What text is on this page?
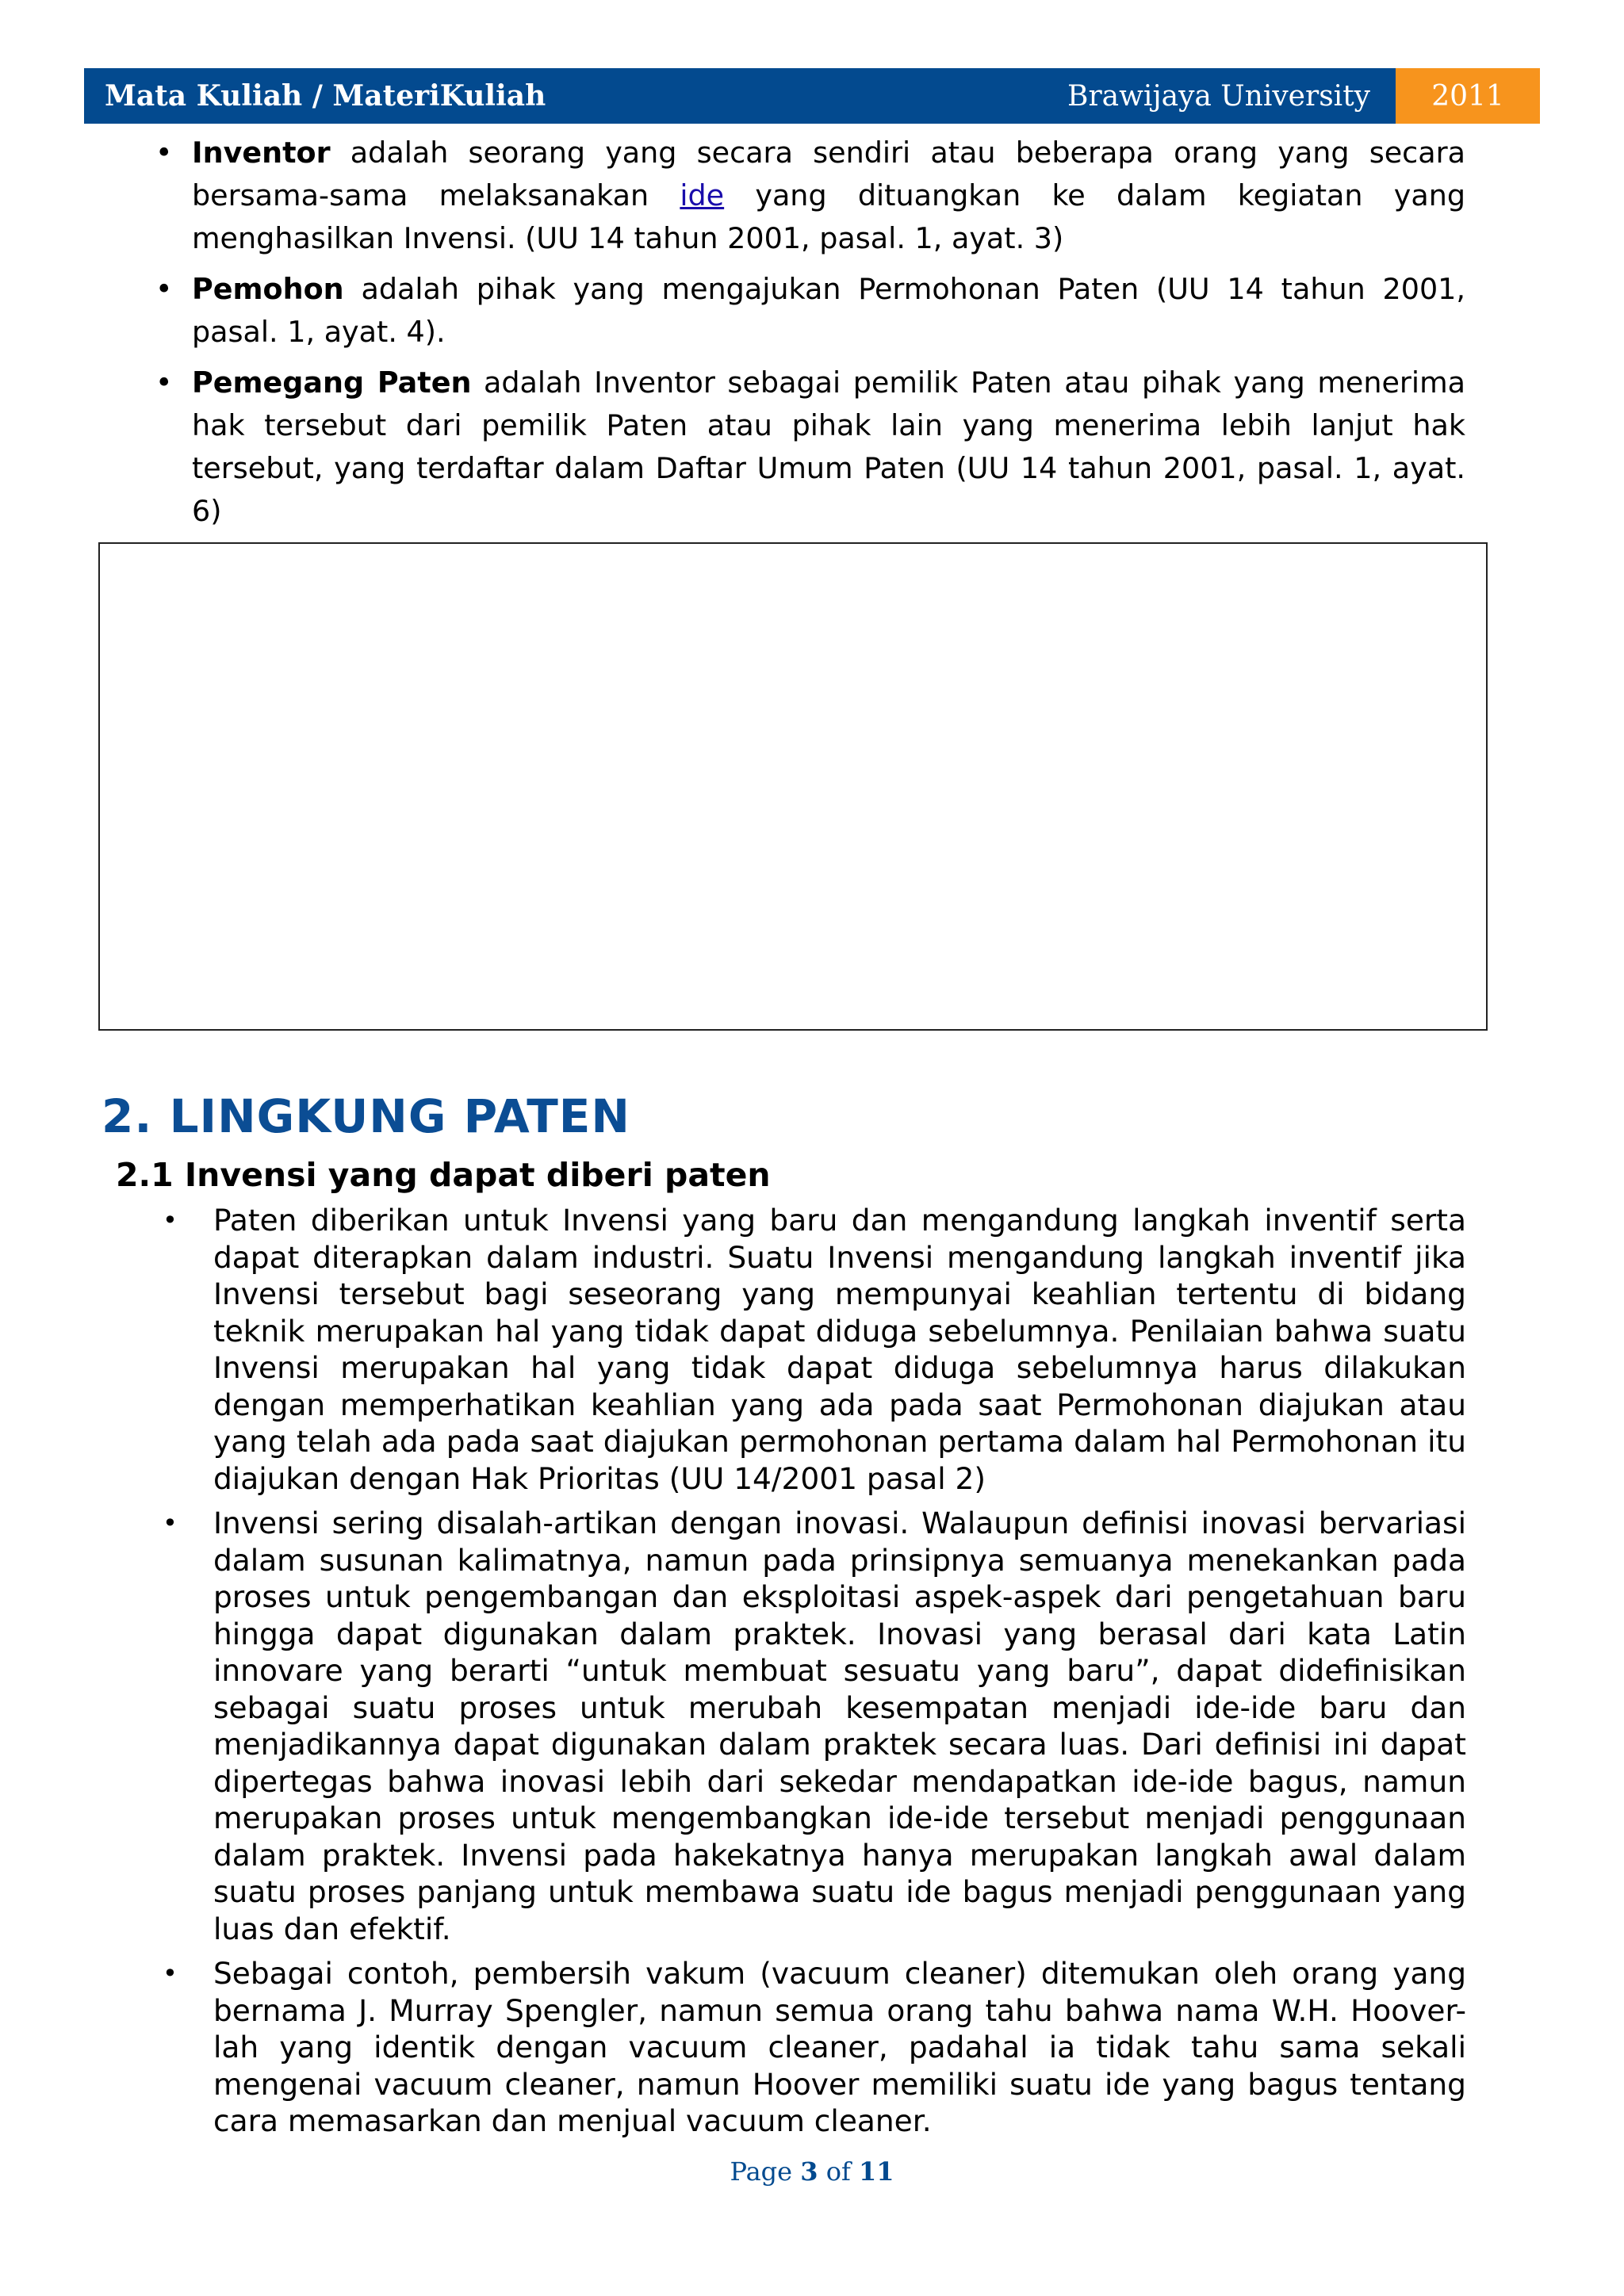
Mata Kuliah / MateriKuliah	Brawijaya University	2011
• Inventor adalah seorang yang secara sendiri atau beberapa orang yang secara bersama-sama melaksanakan ide yang dituangkan ke dalam kegiatan yang menghasilkan Invensi. (UU 14 tahun 2001, pasal. 1, ayat. 3)
• Pemohon adalah pihak yang mengajukan Permohonan Paten (UU 14 tahun 2001, pasal. 1, ayat. 4).
• Pemegang Paten adalah Inventor sebagai pemilik Paten atau pihak yang menerima hak tersebut dari pemilik Paten atau pihak lain yang menerima lebih lanjut hak tersebut, yang terdaftar dalam Daftar Umum Paten (UU 14 tahun 2001, pasal. 1, ayat. 6)
2. LINGKUNG PATEN
2.1 Invensi yang dapat diberi paten
• Paten diberikan untuk Invensi yang baru dan mengandung langkah inventif serta dapat diterapkan dalam industri. Suatu Invensi mengandung langkah inventif jika Invensi tersebut bagi seseorang yang mempunyai keahlian tertentu di bidang teknik merupakan hal yang tidak dapat diduga sebelumnya. Penilaian bahwa suatu Invensi merupakan hal yang tidak dapat diduga sebelumnya harus dilakukan dengan memperhatikan keahlian yang ada pada saat Permohonan diajukan atau yang telah ada pada saat diajukan permohonan pertama dalam hal Permohonan itu diajukan dengan Hak Prioritas (UU 14/2001 pasal 2)
• Invensi sering disalah-artikan dengan inovasi. Walaupun definisi inovasi bervariasi dalam susunan kalimatnya, namun pada prinsipnya semuanya menekankan pada proses untuk pengembangan dan eksploitasi aspek-aspek dari pengetahuan baru hingga dapat digunakan dalam praktek. Inovasi yang berasal dari kata Latin innovare yang berarti “untuk membuat sesuatu yang baru”, dapat didefinisikan sebagai suatu proses untuk merubah kesempatan menjadi ide-ide baru dan menjadikannya dapat digunakan dalam praktek secara luas. Dari definisi ini dapat dipertegas bahwa inovasi lebih dari sekedar mendapatkan ide-ide bagus, namun merupakan proses untuk mengembangkan ide-ide tersebut menjadi penggunaan dalam praktek. Invensi pada hakekatnya hanya merupakan langkah awal dalam suatu proses panjang untuk membawa suatu ide bagus menjadi penggunaan yang luas dan efektif.
• Sebagai contoh, pembersih vakum (vacuum cleaner) ditemukan oleh orang yang bernama J. Murray Spengler, namun semua orang tahu bahwa nama W.H. Hoover-lah yang identik dengan vacuum cleaner, padahal ia tidak tahu sama sekali mengenai vacuum cleaner, namun Hoover memiliki suatu ide yang bagus tentang cara memasarkan dan menjual vacuum cleaner.
Page 3 of 11
